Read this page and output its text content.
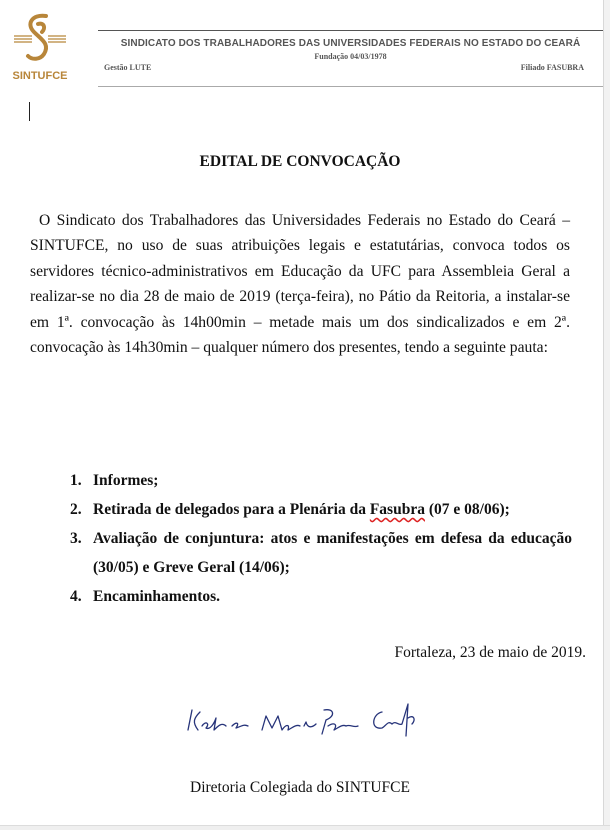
SINTUFCE
SINDICATO DOS TRABALHADORES DAS UNIVERSIDADES FEDERAIS NO ESTADO DO CEARÁ
Fundação 04/03/1978
Gestão LUTE	Filiado FASUBRA
EDITAL DE CONVOCAÇÃO
O Sindicato dos Trabalhadores das Universidades Federais no Estado do Ceará – SINTUFCE, no uso de suas atribuições legais e estatutárias, convoca todos os servidores técnico-administrativos em Educação da UFC para Assembleia Geral a realizar-se no dia 28 de maio de 2019 (terça-feira), no Pátio da Reitoria, a instalar-se em 1ª. convocação às 14h00min – metade mais um dos sindicalizados e em 2ª. convocação às 14h30min – qualquer número dos presentes, tendo a seguinte pauta:
1. Informes;
2. Retirada de delegados para a Plenária da Fasubra (07 e 08/06);
3. Avaliação de conjuntura: atos e manifestações em defesa da educação (30/05) e Greve Geral (14/06);
4. Encaminhamentos.
Fortaleza, 23 de maio de 2019.
Diretoria Colegiada do SINTUFCE
